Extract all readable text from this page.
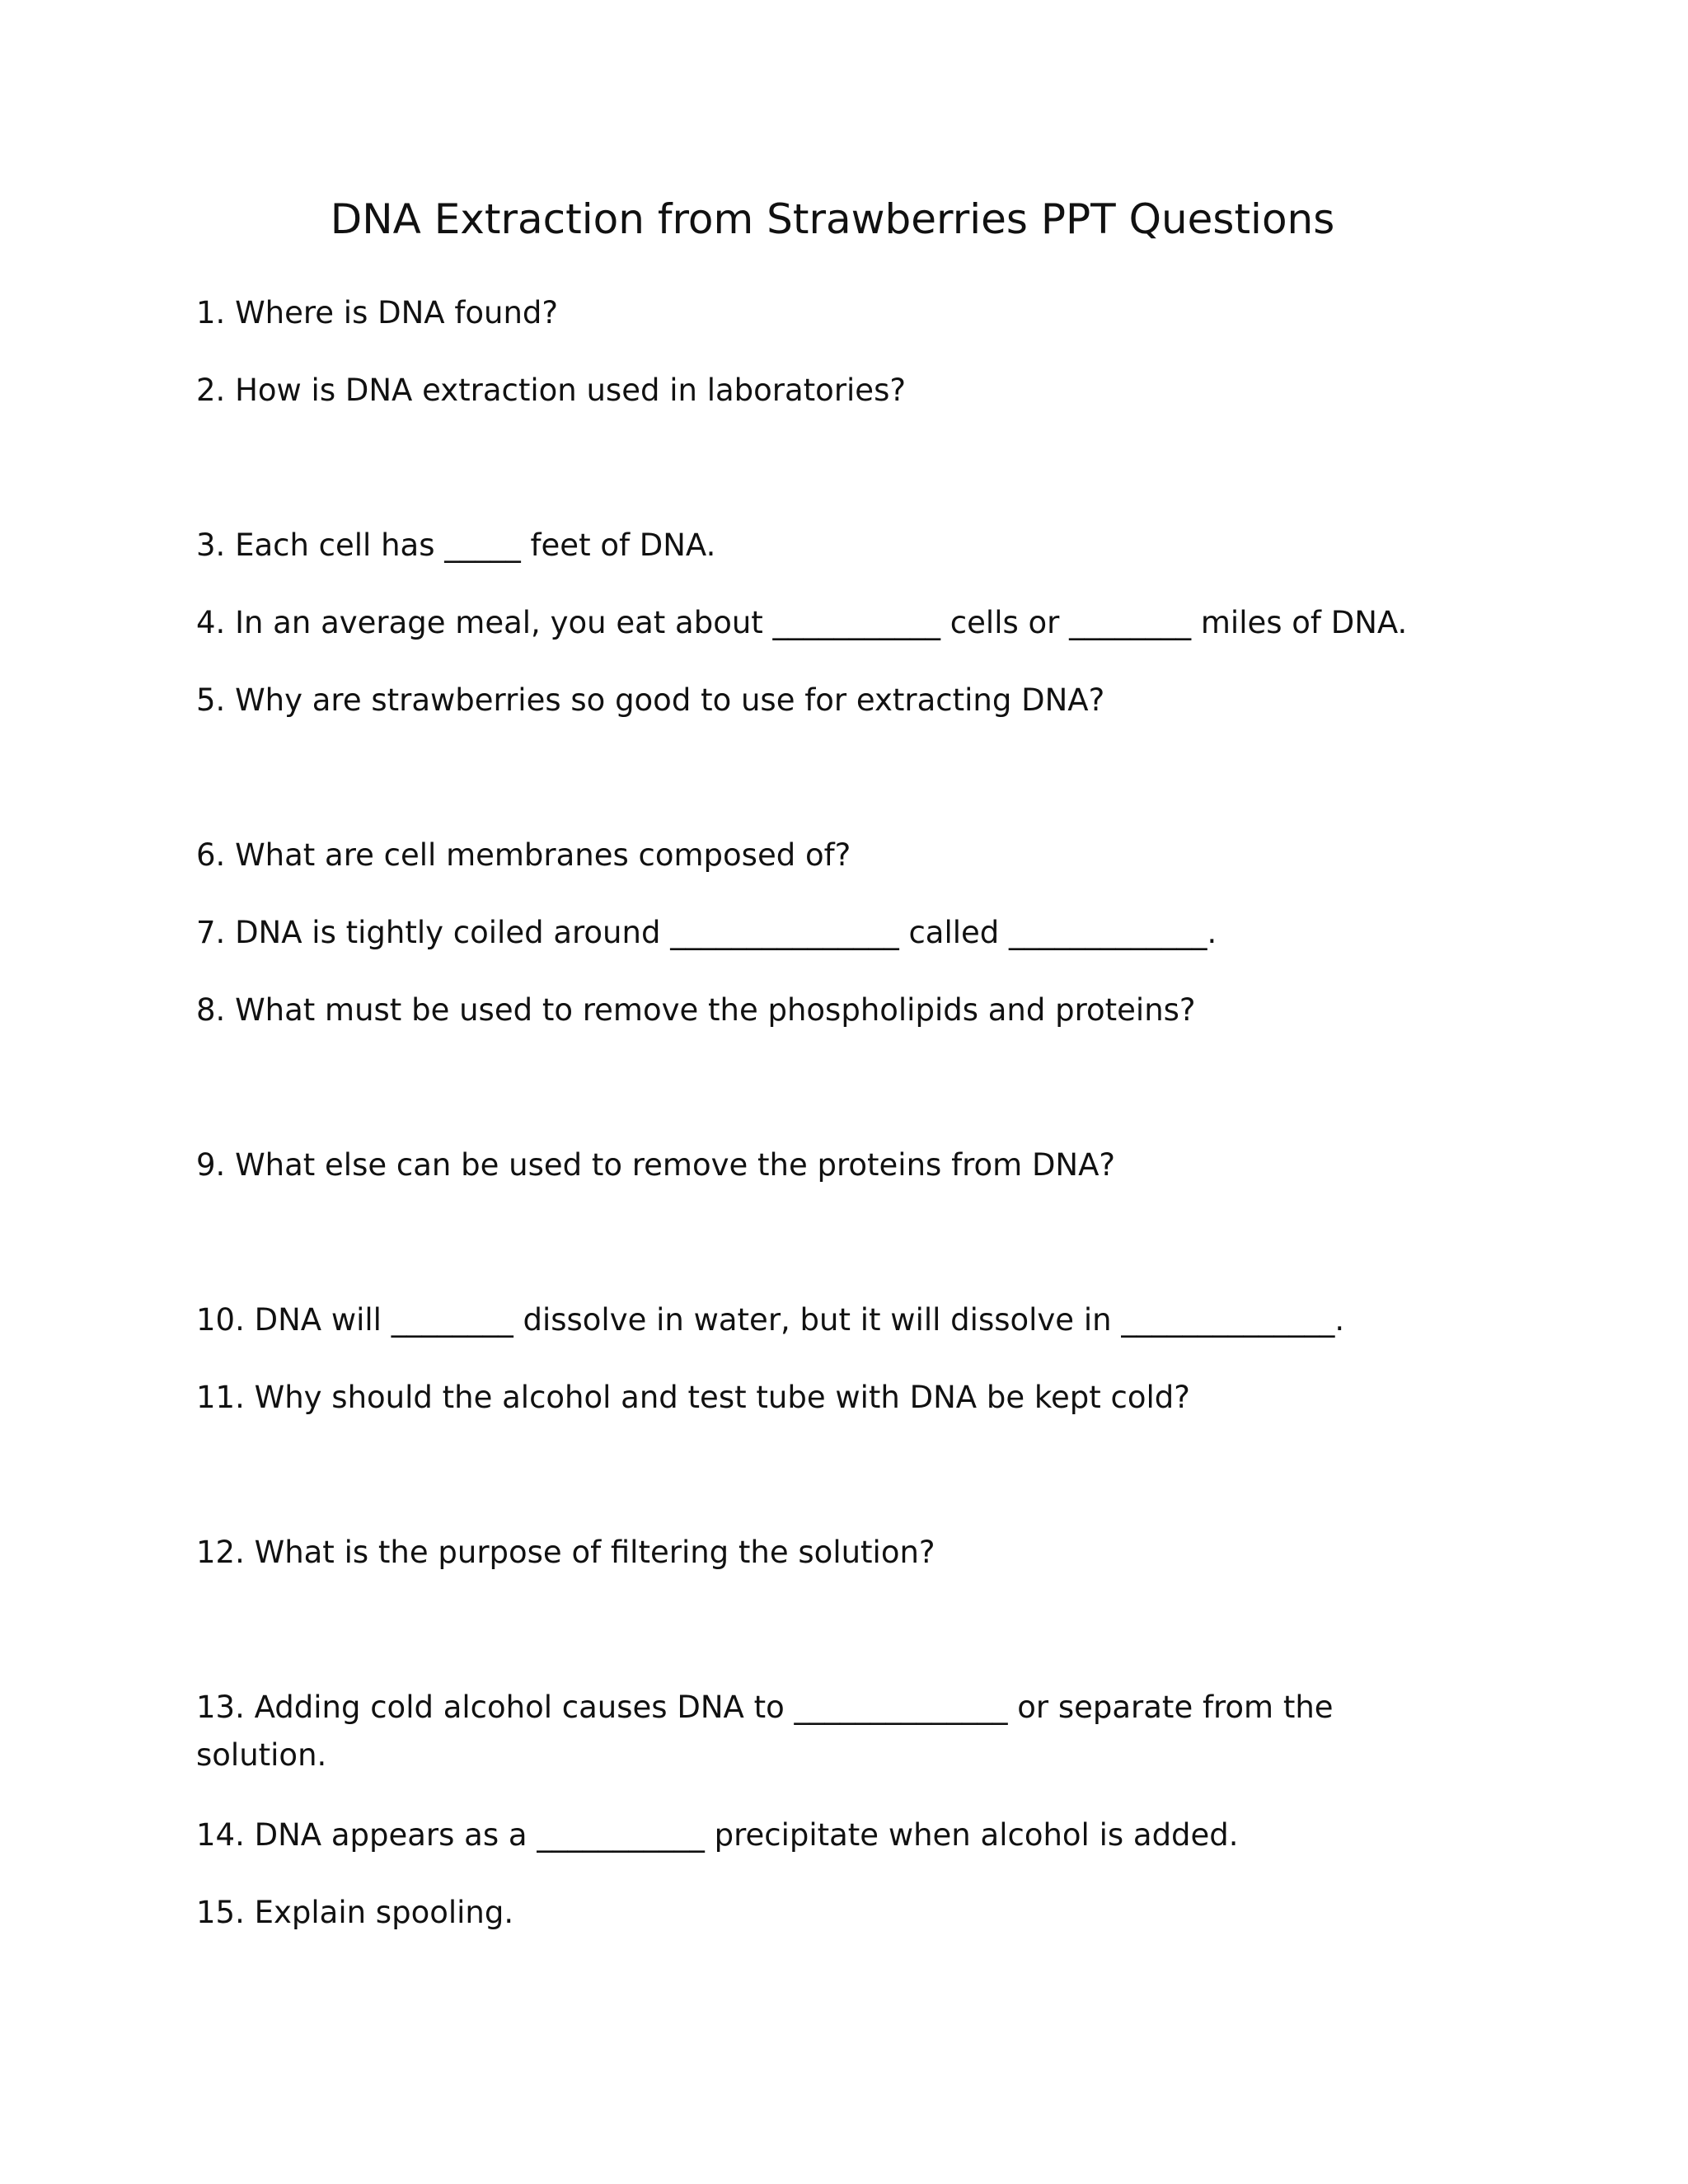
DNA Extraction from Strawberries PPT Questions
1. Where is DNA found?
2. How is DNA extraction used in laboratories?
3. Each cell has _____ feet of DNA.
4. In an average meal, you eat about ___________ cells or ________ miles of DNA.
5. Why are strawberries so good to use for extracting DNA?
6. What are cell membranes composed of?
7. DNA is tightly coiled around _______________ called _____________.
8. What must be used to remove the phospholipids and proteins?
9. What else can be used to remove the proteins from DNA?
10. DNA will ________ dissolve in water, but it will dissolve in ______________.
11. Why should the alcohol and test tube with DNA be kept cold?
12. What is the purpose of filtering the solution?
13. Adding cold alcohol causes DNA to ______________ or separate from the
solution.
14. DNA appears as a ___________ precipitate when alcohol is added.
15. Explain spooling.
